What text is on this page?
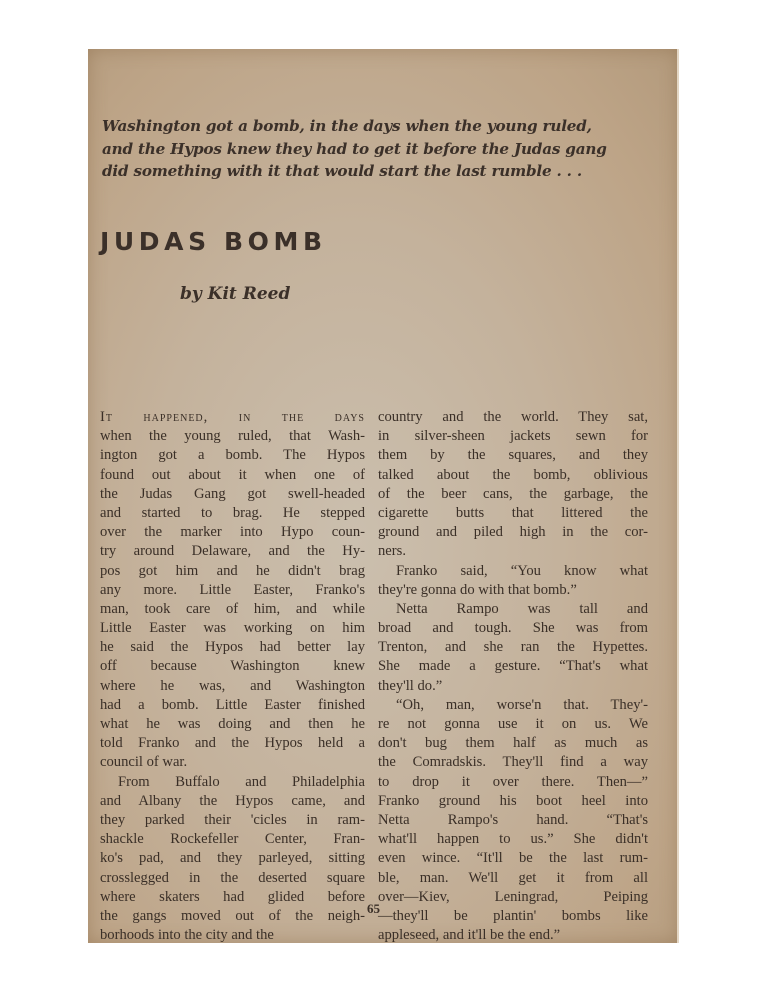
Washington got a bomb, in the days when the young ruled,
and the Hypos knew they had to get it before the Judas gang
did something with it that would start the last rumble . . .
JUDAS BOMB
by Kit Reed
It happened, in the days
when the young ruled, that Wash-
ington got a bomb. The Hypos
found out about it when one of
the Judas Gang got swell-headed
and started to brag. He stepped
over the marker into Hypo coun-
try around Delaware, and the Hy-
pos got him and he didn't brag
any more. Little Easter, Franko's
man, took care of him, and while
Little Easter was working on him
he said the Hypos had better lay
off because Washington knew
where he was, and Washington
had a bomb. Little Easter finished
what he was doing and then he
told Franko and the Hypos held a
council of war.
From Buffalo and Philadelphia
and Albany the Hypos came, and
they parked their 'cicles in ram-
shackle Rockefeller Center, Fran-
ko's pad, and they parleyed, sitting
crosslegged in the deserted square
where skaters had glided before
the gangs moved out of the neigh-
borhoods into the city and the
country and the world. They sat,
in silver-sheen jackets sewn for
them by the squares, and they
talked about the bomb, oblivious
of the beer cans, the garbage, the
cigarette butts that littered the
ground and piled high in the cor-
ners.
Franko said, “You know what
they're gonna do with that bomb.”
Netta Rampo was tall and
broad and tough. She was from
Trenton, and she ran the Hypettes.
She made a gesture. “That's what
they'll do.”
“Oh, man, worse'n that. They'-
re not gonna use it on us. We
don't bug them half as much as
the Comradskis. They'll find a way
to drop it over there. Then—”
Franko ground his boot heel into
Netta Rampo's hand. “That's
what'll happen to us.” She didn't
even wince. “It'll be the last rum-
ble, man. We'll get it from all
over—Kiev, Leningrad, Peiping
—they'll be plantin' bombs like
appleseed, and it'll be the end.”
65
